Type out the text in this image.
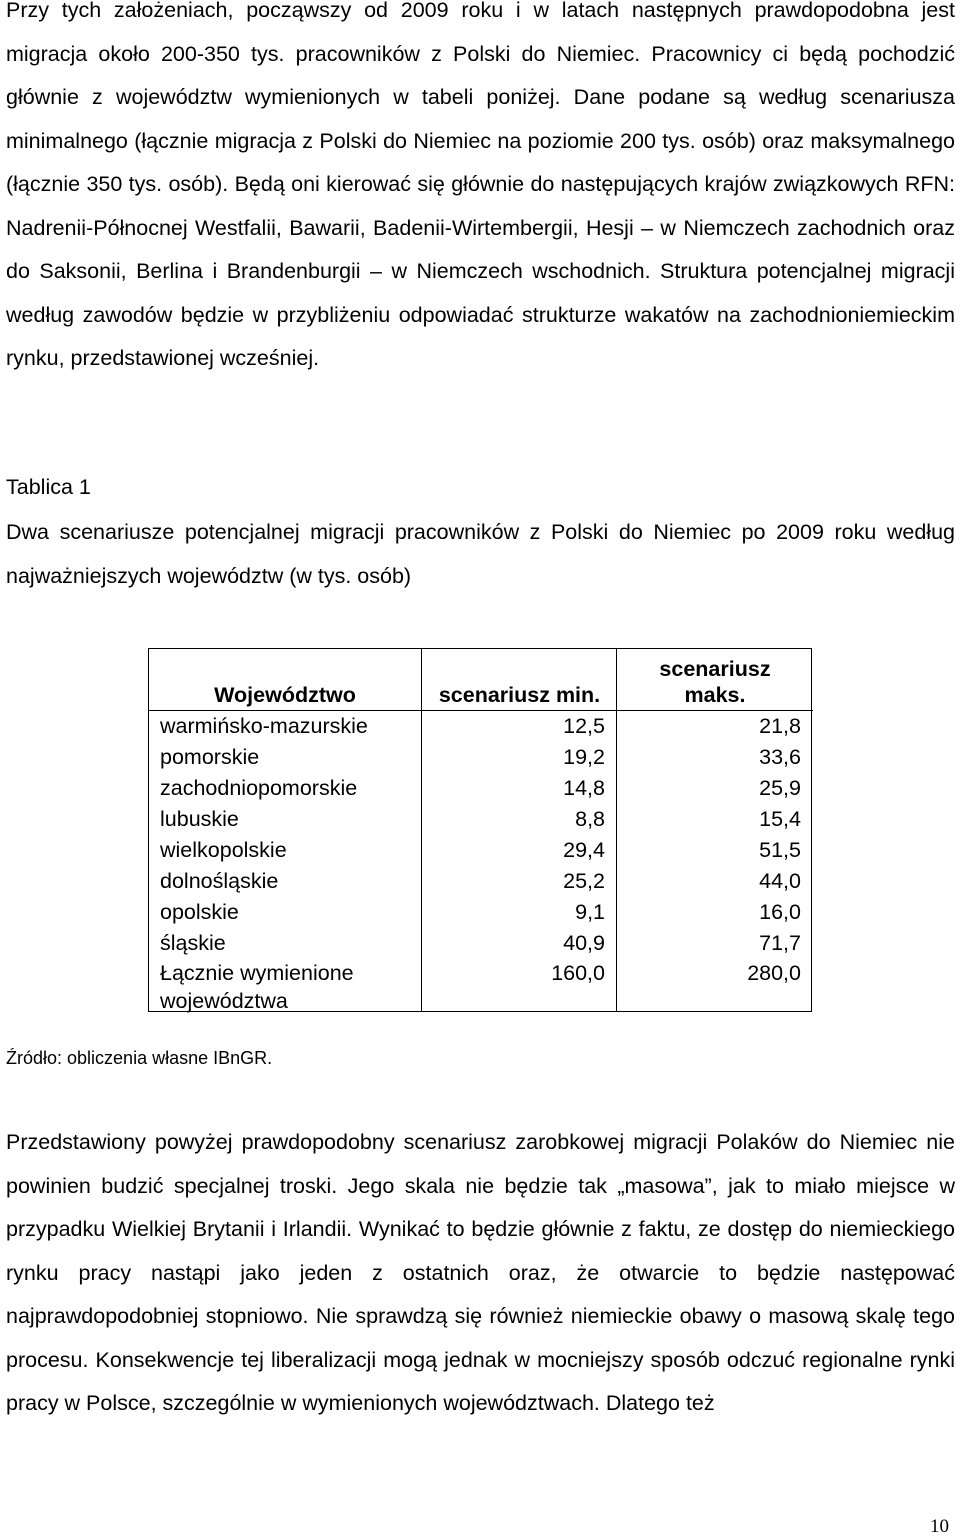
Przy tych założeniach, począwszy od 2009 roku i w latach następnych prawdopodobna jest migracja około 200-350 tys. pracowników z Polski do Niemiec. Pracownicy ci będą pochodzić głównie z województw wymienionych w tabeli poniżej. Dane podane są według scenariusza minimalnego (łącznie migracja z Polski do Niemiec na poziomie 200 tys. osób) oraz maksymalnego (łącznie 350 tys. osób). Będą oni kierować się głównie do następujących krajów związkowych RFN: Nadrenii-Północnej Westfalii, Bawarii, Badenii-Wirtembergii, Hesji – w Niemczech zachodnich oraz do Saksonii, Berlina i Brandenburgii – w Niemczech wschodnich. Struktura potencjalnej migracji według zawodów będzie w przybliżeniu odpowiadać strukturze wakatów na zachodnioniemieckim rynku, przedstawionej wcześniej.

Tablica 1

Dwa scenariusze potencjalnej migracji pracowników z Polski do Niemiec po 2009 roku według najważniejszych województw (w tys. osób)

Województwo	scenariusz min.	scenariusz maks.
warmińsko-mazurskie	12,5	21,8
pomorskie	19,2	33,6
zachodniopomorskie	14,8	25,9
lubuskie	8,8	15,4
wielkopolskie	29,4	51,5
dolnośląskie	25,2	44,0
opolskie	9,1	16,0
śląskie	40,9	71,7
Łącznie wymienione województwa	160,0	280,0

Źródło: obliczenia własne IBnGR.

Przedstawiony powyżej prawdopodobny scenariusz zarobkowej migracji Polaków do Niemiec nie powinien budzić specjalnej troski. Jego skala nie będzie tak „masowa”, jak to miało miejsce w przypadku Wielkiej Brytanii i Irlandii. Wynikać to będzie głównie z faktu, ze dostęp do niemieckiego rynku pracy nastąpi jako jeden z ostatnich oraz, że otwarcie to będzie następować najprawdopodobniej stopniowo. Nie sprawdzą się również niemieckie obawy o masową skalę tego procesu. Konsekwencje tej liberalizacji mogą jednak w mocniejszy sposób odczuć regionalne rynki pracy w Polsce, szczególnie w wymienionych województwach. Dlatego też

10
